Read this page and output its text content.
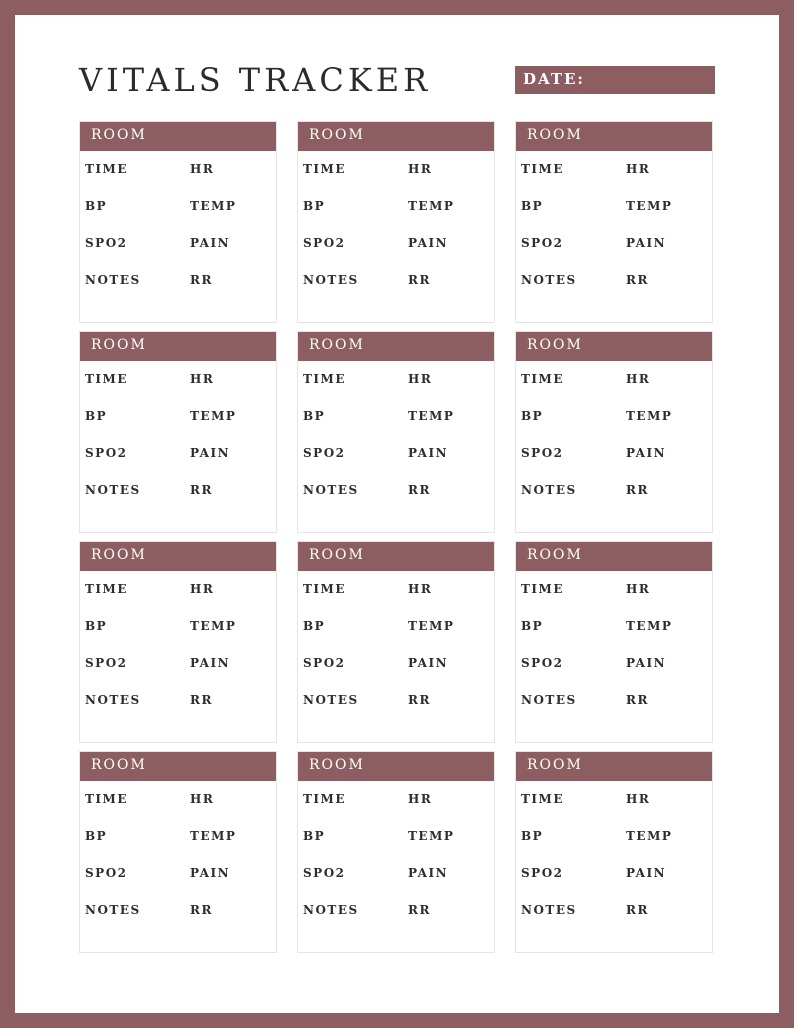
VITALS TRACKER	DATE:
ROOM
TIME	HR
BP	TEMP
SPO2	PAIN
NOTES	RR
ROOM
TIME	HR
BP	TEMP
SPO2	PAIN
NOTES	RR
ROOM
TIME	HR
BP	TEMP
SPO2	PAIN
NOTES	RR
ROOM
TIME	HR
BP	TEMP
SPO2	PAIN
NOTES	RR
ROOM
TIME	HR
BP	TEMP
SPO2	PAIN
NOTES	RR
ROOM
TIME	HR
BP	TEMP
SPO2	PAIN
NOTES	RR
ROOM
TIME	HR
BP	TEMP
SPO2	PAIN
NOTES	RR
ROOM
TIME	HR
BP	TEMP
SPO2	PAIN
NOTES	RR
ROOM
TIME	HR
BP	TEMP
SPO2	PAIN
NOTES	RR
ROOM
TIME	HR
BP	TEMP
SPO2	PAIN
NOTES	RR
ROOM
TIME	HR
BP	TEMP
SPO2	PAIN
NOTES	RR
ROOM
TIME	HR
BP	TEMP
SPO2	PAIN
NOTES	RR
